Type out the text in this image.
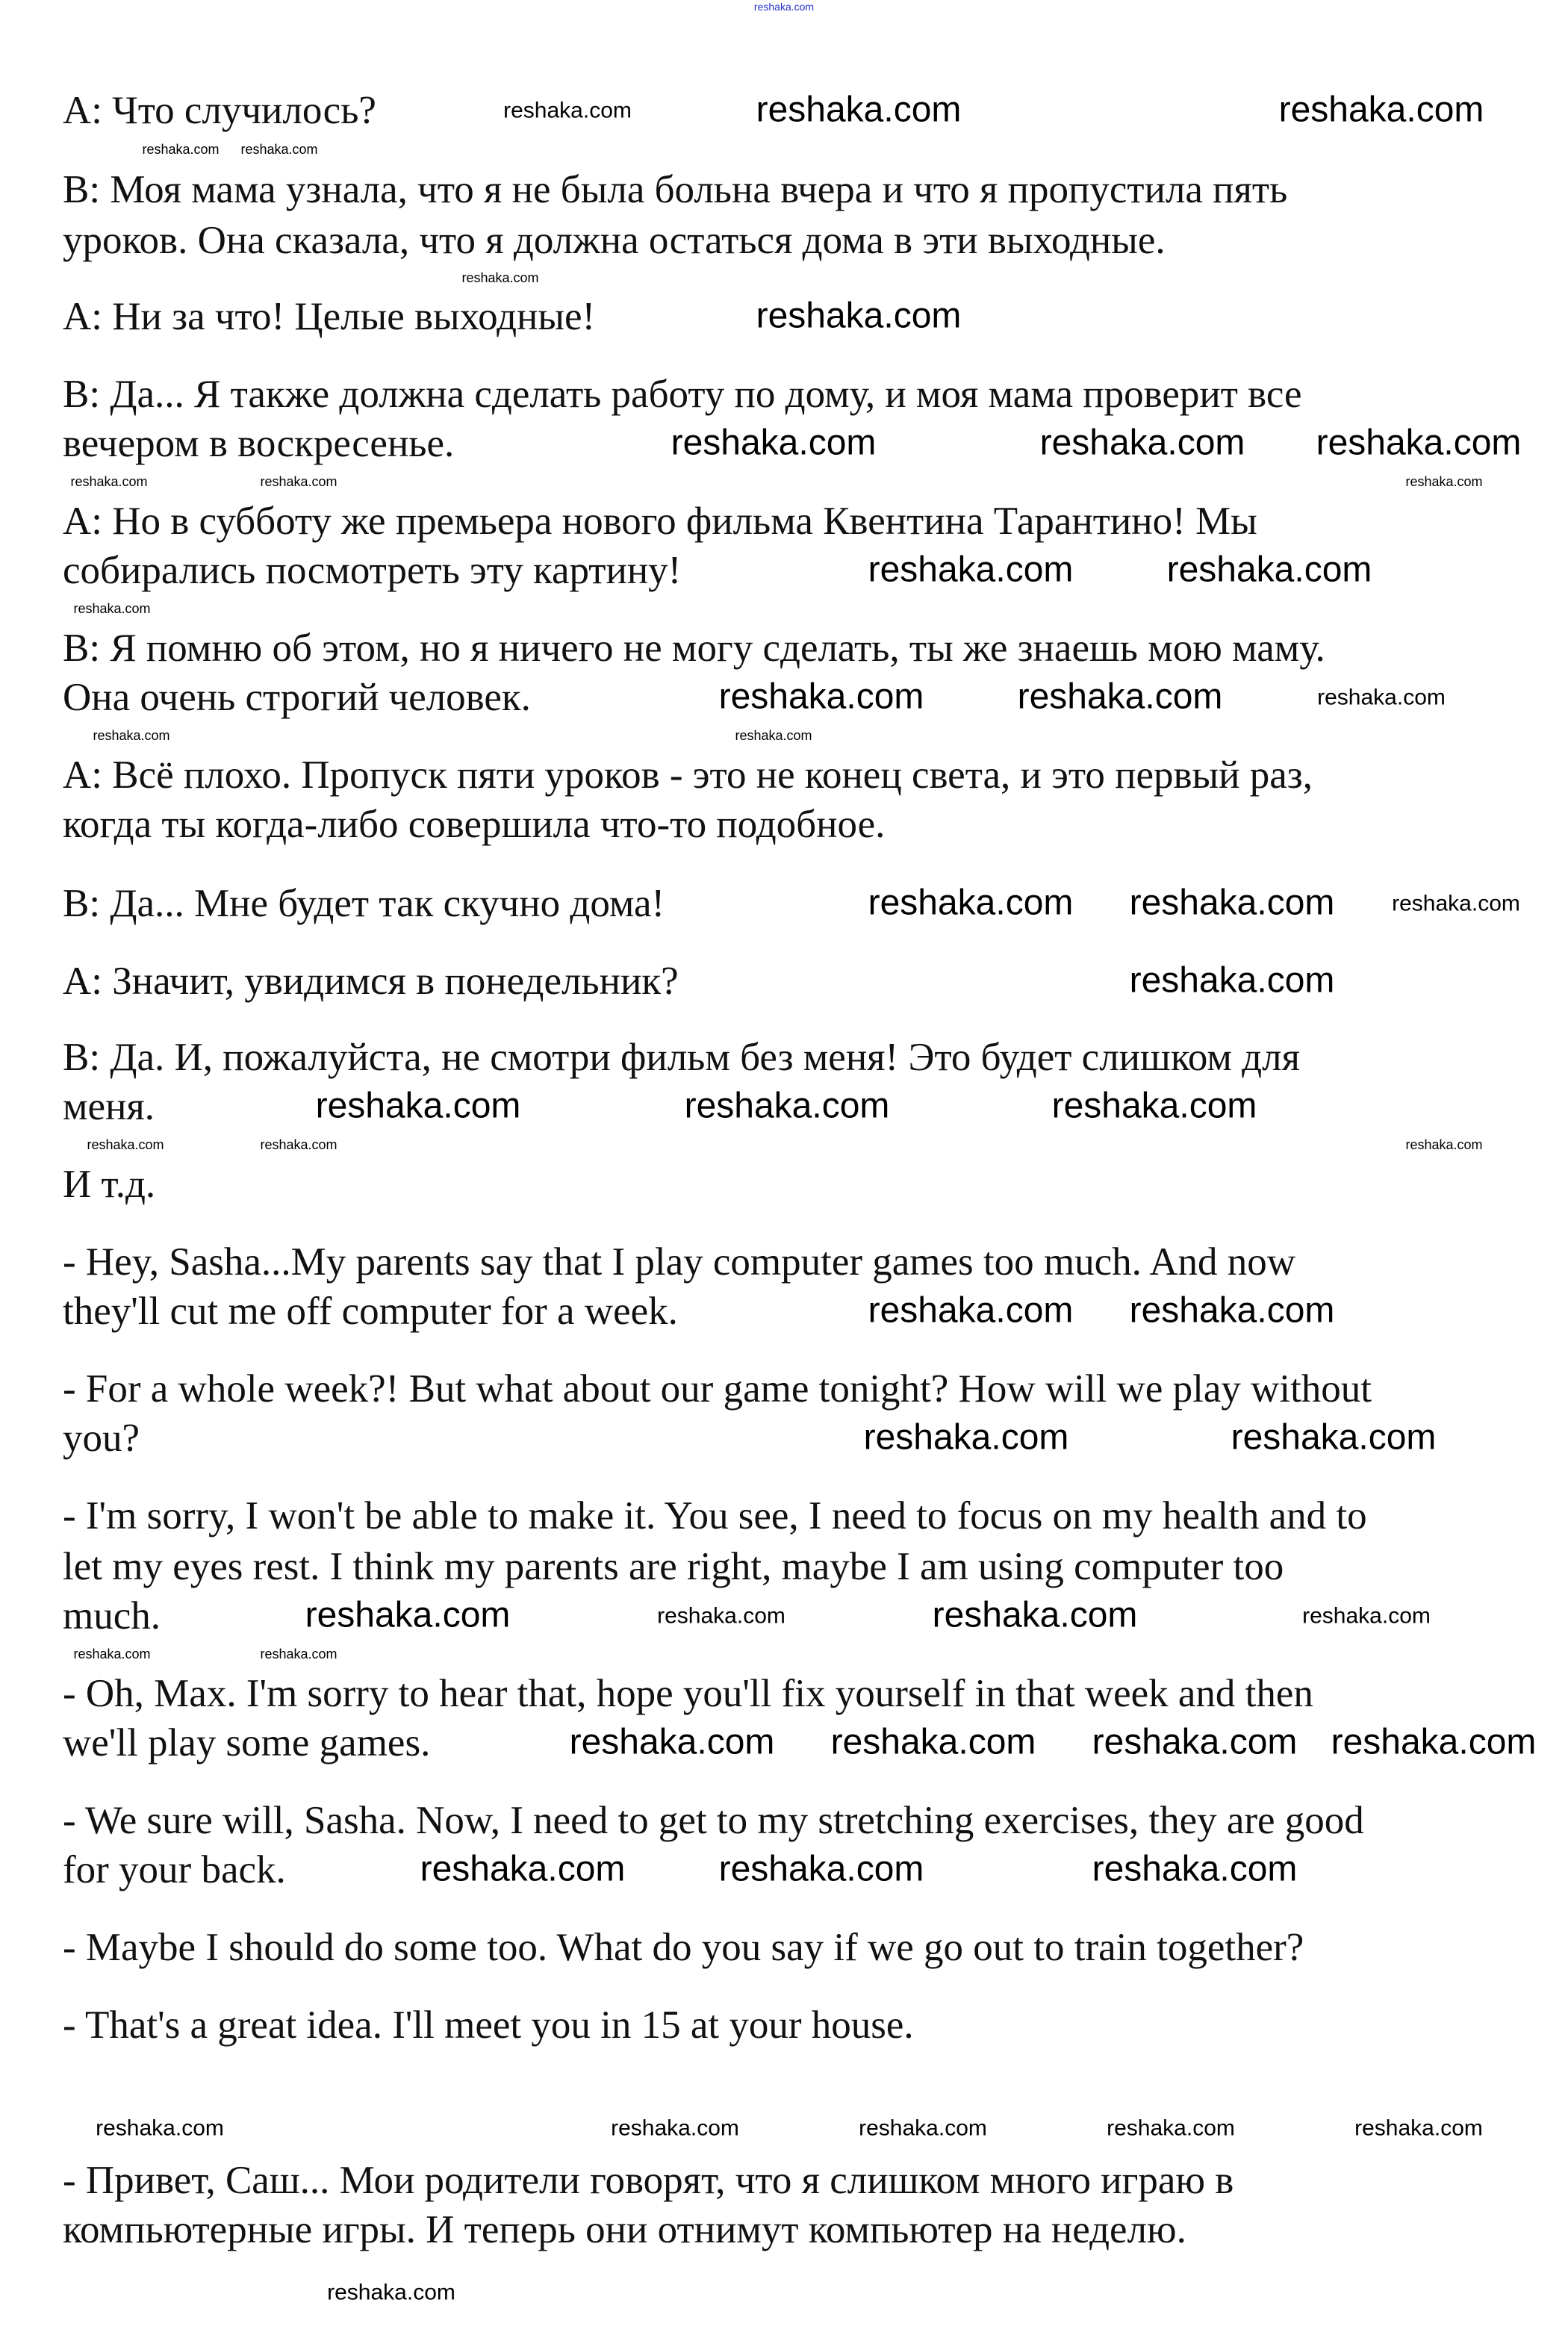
reshaka.com
А: Что случилось?
В: Моя мама узнала, что я не была больна вчера и что я пропустила пять
уроков. Она сказала, что я должна остаться дома в эти выходные.
А: Ни за что! Целые выходные!
В: Да... Я также должна сделать работу по дому, и моя мама проверит все
вечером в воскресенье.
А: Но в субботу же премьера нового фильма Квентина Тарантино! Мы
собирались посмотреть эту картину!
В: Я помню об этом, но я ничего не могу сделать, ты же знаешь мою маму.
Она очень строгий человек.
А: Всё плохо. Пропуск пяти уроков - это не конец света, и это первый раз,
когда ты когда-либо совершила что-то подобное.
В: Да... Мне будет так скучно дома!
А: Значит, увидимся в понедельник?
В: Да. И, пожалуйста, не смотри фильм без меня! Это будет слишком для
меня.
И т.д.
- Hey, Sasha...My parents say that I play computer games too much. And now
they'll cut me off computer for a week.
- For a whole week?! But what about our game tonight? How will we play without
you?
- I'm sorry, I won't be able to make it. You see, I need to focus on my health and to
let my eyes rest. I think my parents are right, maybe I am using computer too
much.
- Oh, Max. I'm sorry to hear that, hope you'll fix yourself in that week and then
we'll play some games.
- We sure will, Sasha. Now, I need to get to my stretching exercises, they are good
for your back.
- Maybe I should do some too. What do you say if we go out to train together?
- That's a great idea. I'll meet you in 15 at your house.
- Привет, Саш... Мои родители говорят, что я слишком много играю в
компьютерные игры. И теперь они отнимут компьютер на неделю.
reshaka.com	reshaka.com
reshaka.com
reshaka.com	reshaka.com reshaka.com
reshaka.com	reshaka.com
reshaka.com	reshaka.com
reshaka.com reshaka.com
reshaka.com
reshaka.com	reshaka.com	reshaka.com
reshaka.com reshaka.com
reshaka.com	reshaka.com
reshaka.com	reshaka.com
reshaka.com reshaka.com reshaka.com reshaka.com
reshaka.com	reshaka.com	reshaka.com
reshaka.com
reshaka.com
reshaka.com
reshaka.com	reshaka.com
reshaka.com	reshaka.com	reshaka.com	reshaka.com	reshaka.com
reshaka.com
reshaka.com reshaka.com
reshaka.com
reshaka.com
reshaka.com	reshaka.com
reshaka.com
reshaka.com	reshaka.com
reshaka.com	reshaka.com	reshaka.com
reshaka.com	reshaka.com
